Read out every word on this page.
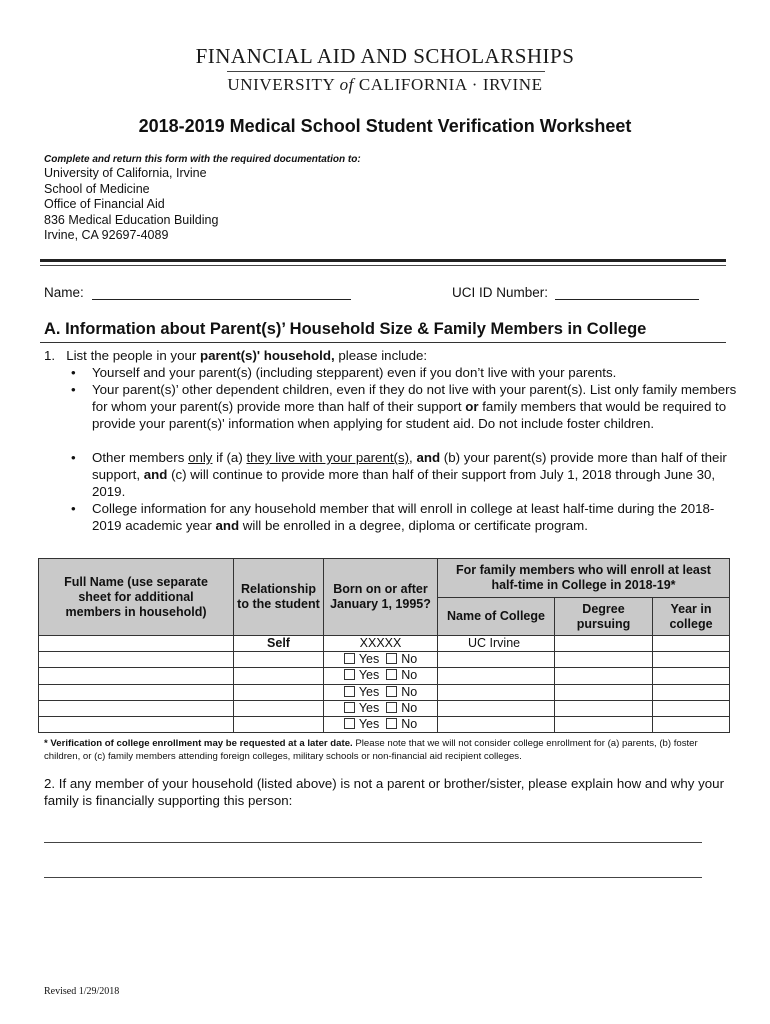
FINANCIAL AID AND SCHOLARSHIPS
UNIVERSITY of CALIFORNIA · IRVINE
2018-2019 Medical School Student Verification Worksheet
Complete and return this form with the required documentation to:
University of California, Irvine
School of Medicine
Office of Financial Aid
836 Medical Education Building
Irvine, CA 92697-4089
Name:	UCI ID Number:
A. Information about Parent(s)’ Household Size & Family Members in College
1. List the people in your parent(s)' household, please include:
• Yourself and your parent(s) (including stepparent) even if you don’t live with your parents.
• Your parent(s)’ other dependent children, even if they do not live with your parent(s). List only family members for whom your parent(s) provide more than half of their support or family members that would be required to provide your parent(s)' information when applying for student aid. Do not include foster children.
• Other members only if (a) they live with your parent(s), and (b) your parent(s) provide more than half of their support, and (c) will continue to provide more than half of their support from July 1, 2018 through June 30, 2019.
• College information for any household member that will enroll in college at least half-time during the 2018-2019 academic year and will be enrolled in a degree, diploma or certificate program.
Full Name (use separate sheet for additional members in household)	Relationship to the student	Born on or after January 1, 1995?	For family members who will enroll at least half-time in College in 2018-19*		
			Name of College	Degree pursuing	Year in college
	Self	XXXXX	UC Irvine		
		Yes No			
		Yes No			
		Yes No			
		Yes No			
		Yes No			
* Verification of college enrollment may be requested at a later date. Please note that we will not consider college enrollment for (a) parents, (b) foster children, or (c) family members attending foreign colleges, military schools or non-financial aid recipient colleges.
2. If any member of your household (listed above) is not a parent or brother/sister, please explain how and why your family is financially supporting this person:
Revised 1/29/2018
